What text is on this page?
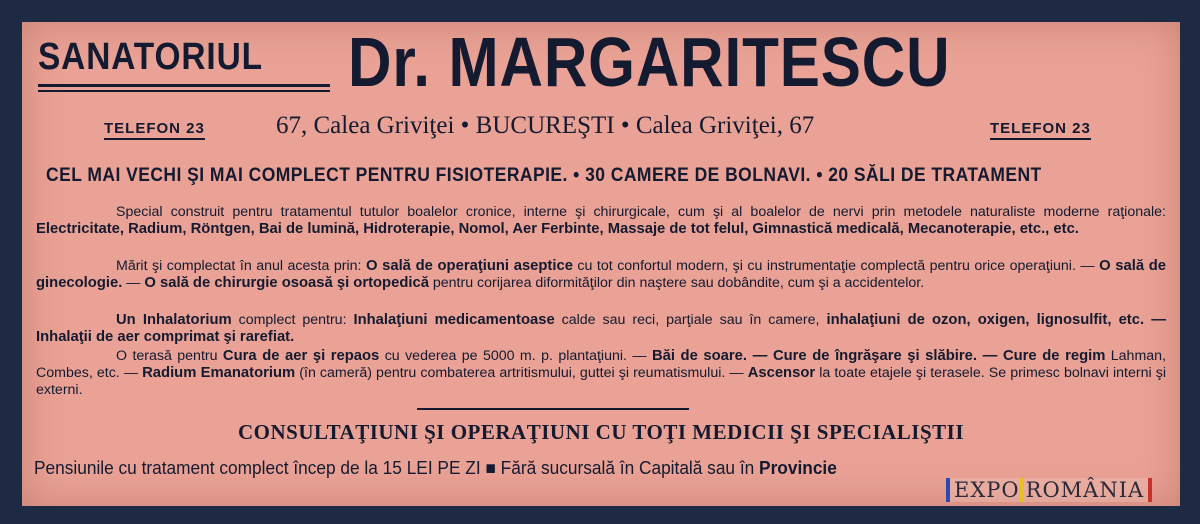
SANATORIUL Dr. MARGARITESCU
TELEFON 23	67, Calea Griviţei • BUCUREŞTI • Calea Griviţei, 67	TELEFON 23
CEL MAI VECHI ŞI MAI COMPLECT PENTRU FISIOTERAPIE. • 30 CAMERE DE BOLNAVI. • 20 SĂLI DE TRATAMENT
Special construit pentru tratamentul tutulor boalelor cronice, interne şi chirurgicale, cum şi al boalelor de nervi prin metodele naturaliste moderne raţionale: Electricitate, Radium, Röntgen, Bai de lumină, Hidroterapie, Nomol, Aer Ferbinte, Massaje de tot felul, Gimnastică medicală, Mecanoterapie, etc., etc.
Mărit şi complectat în anul acesta prin: O sală de operaţiuni aseptice cu tot confortul modern, şi cu instrumentaţie complectă pentru orice operaţiuni. — O sală de ginecologie. — O sală de chirurgie osoasă şi ortopedică pentru corijarea diformităţilor din naştere sau dobândite, cum şi a accidentelor.
Un Inhalatorium complect pentru: Inhalaţiuni medicamentoase calde sau reci, parţiale sau în camere, inhalaţiuni de ozon, oxigen, lignosulfit, etc. — Inhalaţii de aer comprimat şi rarefiat.
O terasă pentru Cura de aer şi repaos cu vederea pe 5000 m. p. plantaţiuni. — Băi de soare. — Cure de îngrăşare şi slăbire. — Cure de regim Lahman, Combes, etc. — Radium Emanatorium (în cameră) pentru combaterea artritismului, guttei şi reumatismului. — Ascensor la toate etajele şi terasele. Se primesc bolnavi interni şi externi.
CONSULTAŢIUNI ŞI OPERAŢIUNI CU TOŢI MEDICII ŞI SPECIALIŞTII
Pensiunile cu tratament complect încep de la 15 LEI PE ZI ■ Fără sucursală în Capitală sau în Provincie
EXPO ROMÂNIA
